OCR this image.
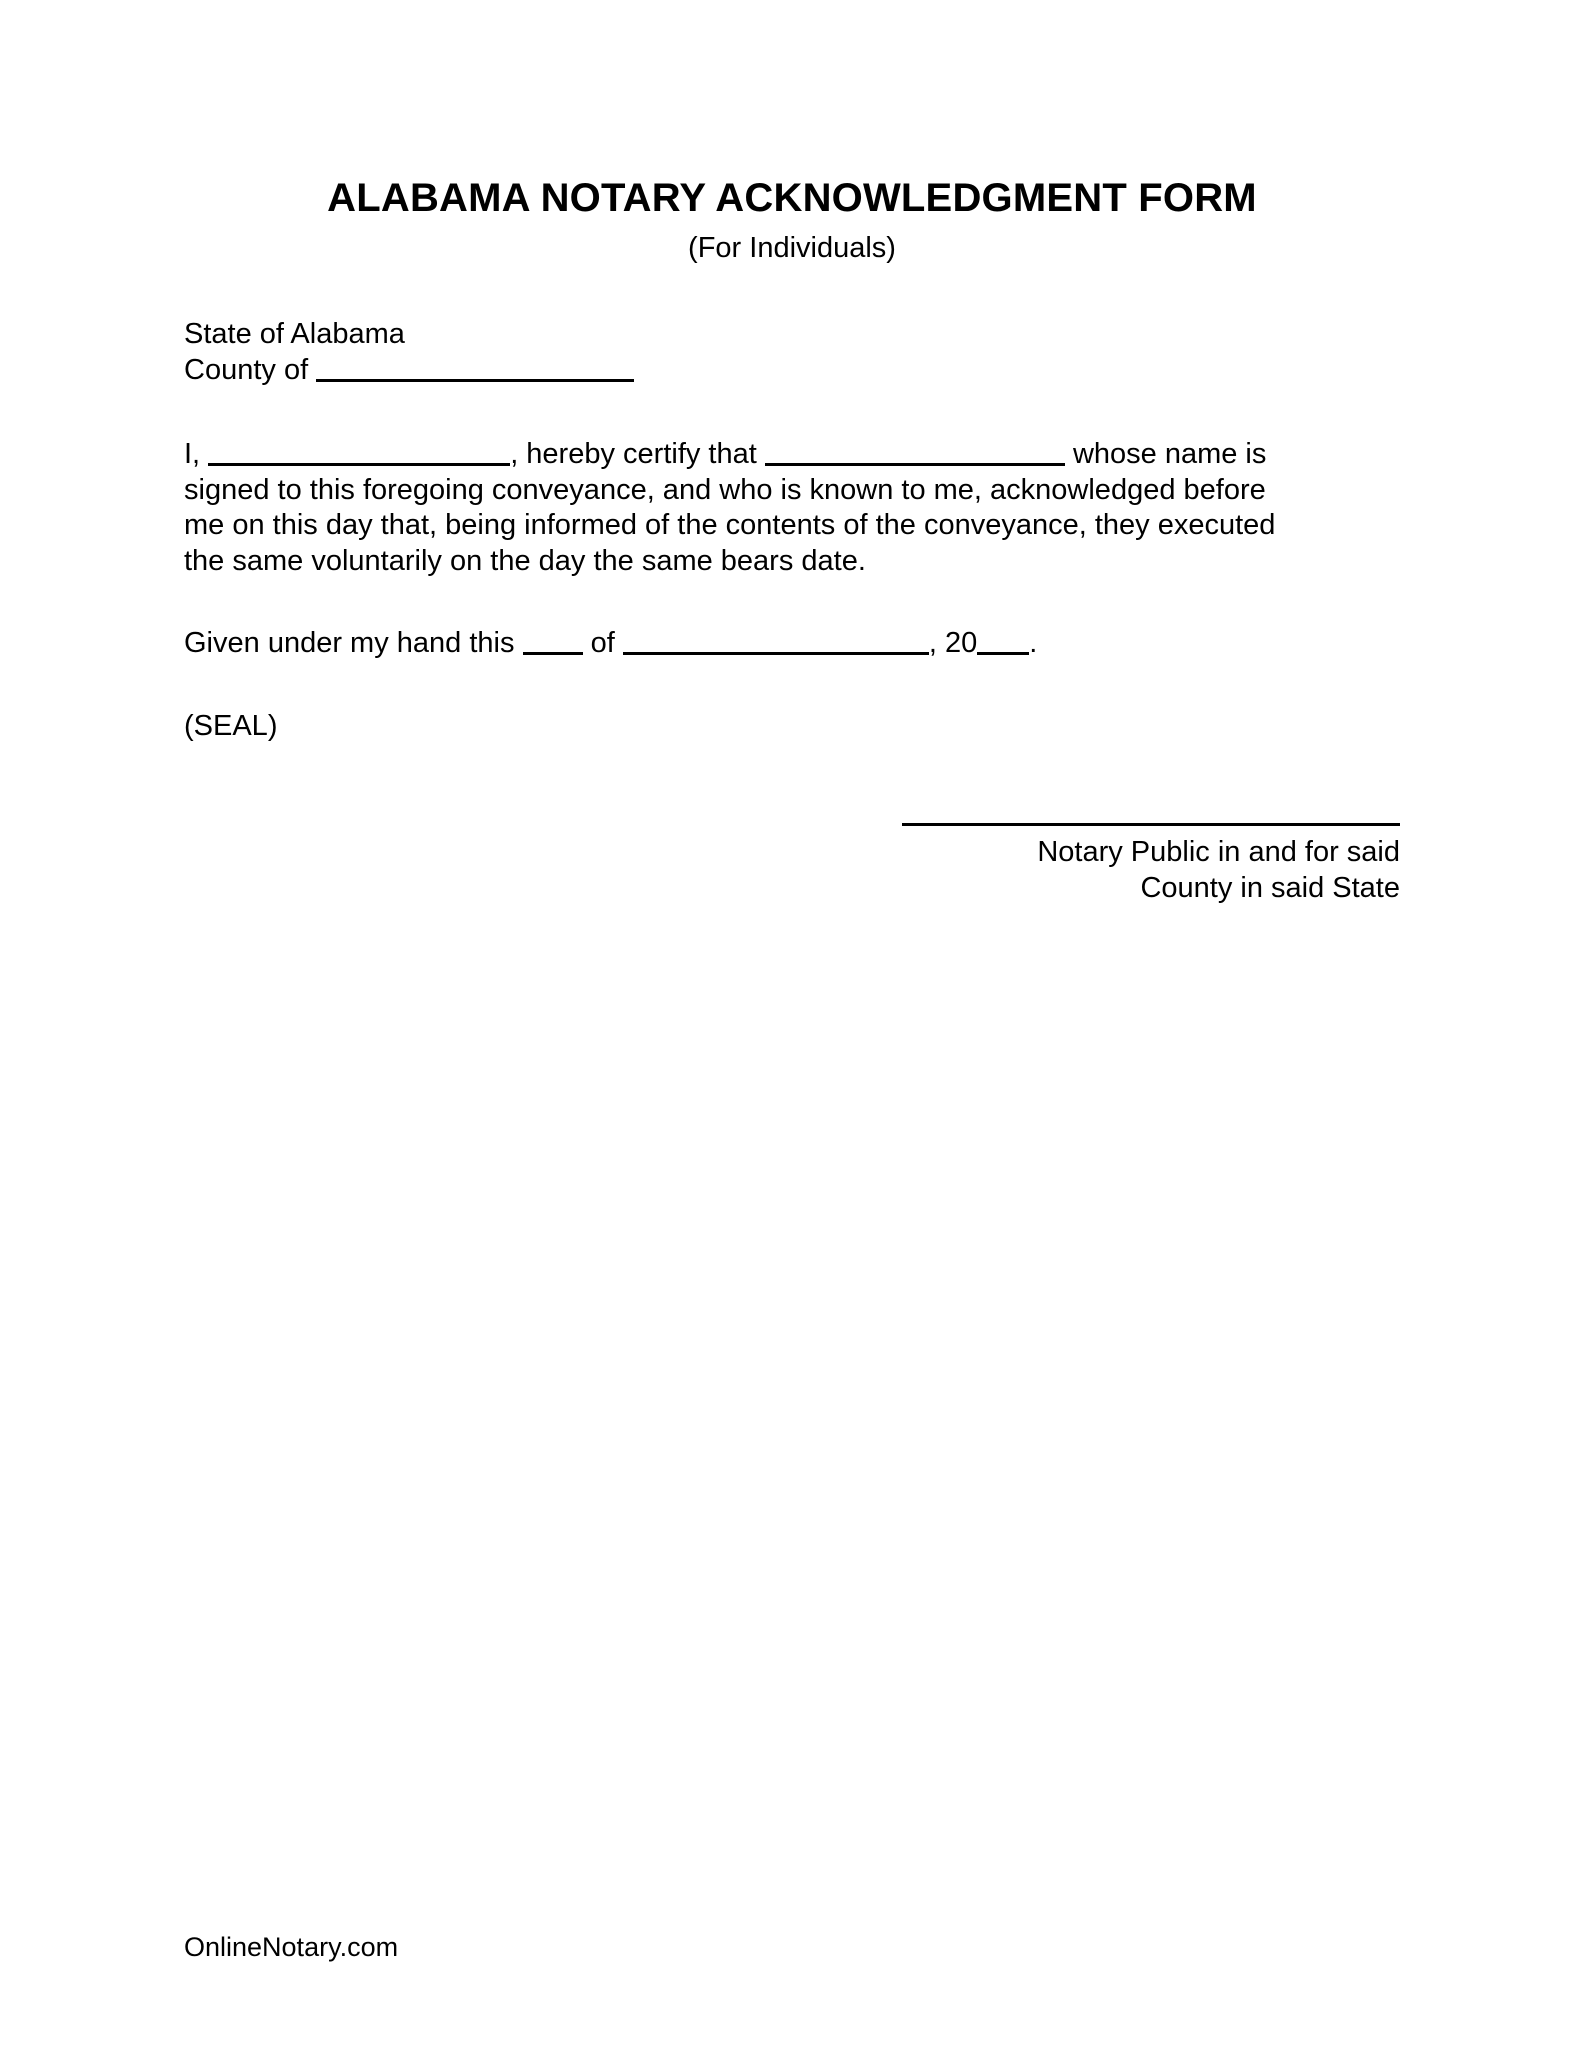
ALABAMA NOTARY ACKNOWLEDGMENT FORM
(For Individuals)
State of Alabama
County of
I,	, hereby certify that	whose name is signed to this foregoing conveyance, and who is known to me, acknowledged before me on this day that, being informed of the contents of the conveyance, they executed the same voluntarily on the day the same bears date.
Given under my hand this	of	, 20 .
(SEAL)
Notary Public in and for said
County in said State
OnlineNotary.com
